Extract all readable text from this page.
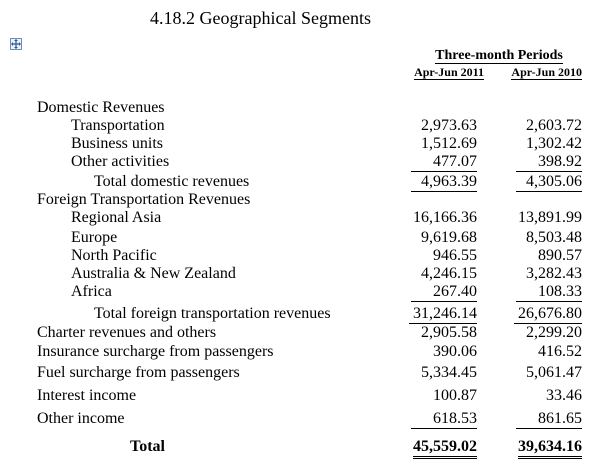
4.18.2 Geographical Segments
Three-month Periods
Apr-Jun 2011	Apr-Jun 2010
Domestic Revenues
Transportation	2,973.63	2,603.72
Business units	1,512.69	1,302.42
Other activities	477.07	398.92
Total domestic revenues	4,963.39	4,305.06
Foreign Transportation Revenues
Regional Asia	16,166.36	13,891.99
Europe	9,619.68	8,503.48
North Pacific	946.55	890.57
Australia & New Zealand	4,246.15	3,282.43
Africa	267.40	108.33
Total foreign transportation revenues	31,246.14	26,676.80
Charter revenues and others	2,905.58	2,299.20
Insurance surcharge from passengers	390.06	416.52
Fuel surcharge from passengers	5,334.45	5,061.47
Interest income	100.87	33.46
Other income	618.53	861.65
Total	45,559.02	39,634.16
